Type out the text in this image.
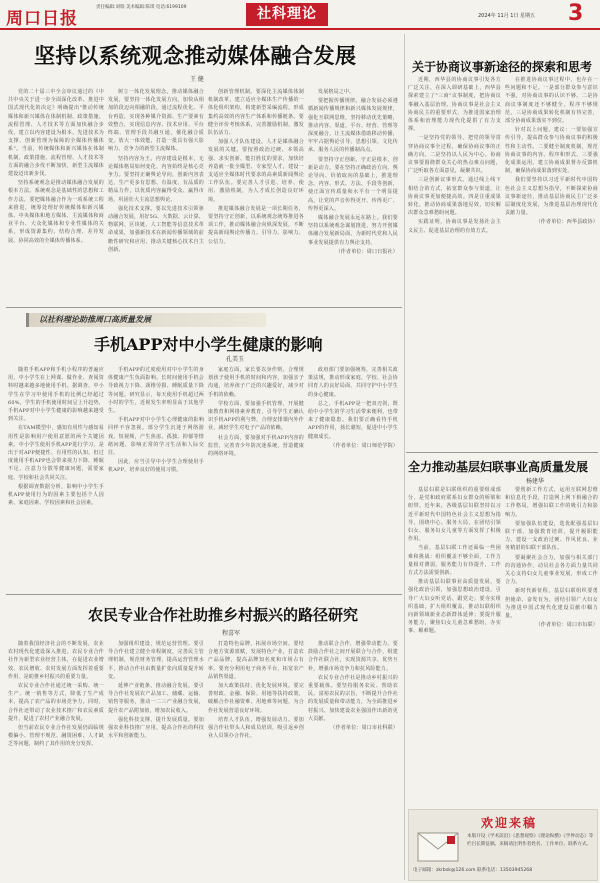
周口日报
责任编辑:刘瑞 美术编辑:陈琪 电话:6199109	社科理论	2024年 11月 1日 星期五 3
坚持以系统观念推动媒体融合发展
王 健

党的二十届三中全会审议通过的《中共中央关于进一步全面深化改革、推进中国式现代化的决定》明确提出"推动传统媒体和新兴媒体在体制机制、政策措施、流程管理、人才技术等方面加快融合步伐，建立以内容建设为根本、先进技术为支撑、创新管理为保障的全媒体传播体系"。当前，传统媒体和新兴媒体在体制机制、政策措施、流程管理、人才技术等方面的融合步伐不断加快，新型主流媒体建设迈出新步伐。

坚持系统观念是推动媒体融合发展的根本方法。系统观念是基础性的思想和工作方法，要把媒体融合作为一项系统工程来推进，统筹处理好传统媒体和新兴媒体、中央媒体和地方媒体、主流媒体和商业平台、大众化媒体和专业性媒体的关系，形成资源集约、结构合理、差异发展、协同高效的全媒体传播体系。

树立一体化发展理念。推动媒体融合发展，要坚持一体化发展方向，加快从相加阶段迈向相融阶段，通过流程优化、平台再造，实现各种媒介资源、生产要素有效整合，实现信息内容、技术应用、平台终端、管理手段共融互通，催化融合质变，放大一体效能，打造一批具有强大影响力、竞争力的新型主流媒体。

坚持内容为王。内容建设是根本，无论媒体格局如何变化，内容始终是核心竞争力。要坚持正确舆论导向，创新内容表达，生产更多有思想、有温度、有品质的精品力作，以优质内容赢得受众、赢得市场，巩固壮大主流思想舆论。

强化技术支撑。要以先进技术引领驱动融合发展，用好5G、大数据、云计算、物联网、区块链、人工智能等信息技术革命成果，加强新技术在新闻传播领域的前瞻性研究和应用，推动关键核心技术自主创新。

创新管理机制。要深化主流媒体体制机制改革，建立适应全媒体生产传播的一体化组织架构，构建新型采编流程，形成集约高效的内容生产体系和传播链条。要健全评价考核体系，完善激励机制，激发队伍活力。

加强人才队伍建设。人才是媒体融合发展的关键。要按照政治过硬、本领高强、求实创新、能打胜仗的要求，加快培养造就一批全媒型、专家型人才，建设一支适应全媒体时代要求的高素质新闻舆论工作队伍。要完善人才引进、培养、使用、激励机制，为人才成长创造良好环境。

推进媒体融合发展是一项长期任务，要坚持守正创新，以系统观念统筹推进各项工作，推动媒体融合向纵深发展，不断提高新闻舆论传播力、引导力、影响力、公信力。

发展格局之中。

要把握传播规律。融合发展必须遵循新闻传播规律和新兴媒体发展规律，强化互联网思维，坚持移动优先策略，推动内容、渠道、平台、经营、管理等深度融合，让主流媒体借助移动传播，牢牢占据舆论引导、思想引领、文化传承、服务人民的传播制高点。

要坚持守正创新。守正是根本，创新是动力。要在坚持正确政治方向、舆论导向、价值取向的基础上，推进理念、内容、形式、方法、手段等创新，使正面宣传质量和水平有一个明显提高，让党的声音传得更开、传得更广、传得更深入。

媒体融合发展永远在路上。我们要坚持以系统观念谋划推进，努力开创媒体融合发展新局面，为新时代党和人民事业发展提供有力舆论支持。

（作者单位：周口日报社）
以社科理论助推周口高质量发展
手机APP对中小学生健康的影响
孔美玉

随着手机APP和手机小程序的普遍应用，中小学生在上网课、做作业、查阅资料时越来越多地使用手机。据调查，中小学生在学习中使用手机的比例已经超过60%，学生的手机使用时间呈上升趋势，手机APP对中小学生健康的影响越来越受到关注。

在TAM模型中，感知有用性与感知易用性是影响用户使用意愿的两个关键因素。中小学生使用手机APP进行学习，是出于对APP便捷性、有用性的认知。但过度使用手机APP也会带来视力下降、睡眠不足、注意力分散等健康问题，需要家庭、学校和社会共同关注。

根据调查数据分析，影响中小学生手机APP使用行为的因素主要包括个人因素、家庭因素、学校因素和社会因素。

手机APP的过度使用对中小学生的身体健康产生负面影响。长时间使用手机会导致视力下降、颈椎劳损、睡眠质量下降等问题。研究显示，每天使用手机超过两小时的学生，近视发生率明显高于其他学生。

手机APP对中小学生心理健康的影响同样不容忽视。部分学生沉迷于网络游戏、短视频，产生焦虑、孤独、抑郁等情绪问题，影响正常的学习生活和人际交往。

因此，应当引导中小学生合理使用手机APP，培养良好的使用习惯。

家庭方面，家长要以身作则，合理规划孩子使用手机的时间和内容，加强亲子沟通，培养孩子广泛的兴趣爱好，减少对手机的依赖。

学校方面，要加强手机管理，开展健康教育和网络素养教育，引导学生正确认识手机APP的利与弊，合理安排课内外作业，减轻学生对电子产品的依赖。

社会方面，要加强对手机APP内容的监管，完善青少年防沉迷系统，营造健康的网络环境。

政府部门要加强统筹，完善相关政策法规，推动形成家庭、学校、社会协同育人的良好局面，共同守护中小学生的身心健康。

总之，手机APP是一把双刃剑，既给中小学生的学习生活带来便利，也带来了健康隐患。我们要正确看待手机APP的作用，扬长避短，促进中小学生健康成长。

（作者单位：周口师范学院）
农民专业合作社助推乡村振兴的路径研究
程喜军

随着我国经济社会的不断发展，农业农村现代化建设深入推进。农民专业合作社作为新型农业经营主体，在促进农业增效、农民增收、农村发展方面发挥着重要作用，是助推乡村振兴的重要力量。

农民专业合作社通过统一采购、统一生产、统一销售等方式，降低了生产成本，提高了农产品的市场竞争力。同时，合作社还带动了农业技术推广和农民素质提升，促进了农村产业融合发展。

但当前农民专业合作社发展仍面临规模偏小、管理不规范、融资困难、人才缺乏等问题，制约了其作用的充分发挥。

加强组织建设，规范运营管理。要引导合作社建立健全章程制度，完善民主管理机制，规范财务管理，提高运营管理水平，推动合作社由数量扩张向质量提升转变。

延伸产业链条，推动融合发展。要引导合作社发展农产品加工、储藏、运输、销售等服务，推动一二三产业融合发展，提升农产品附加值，增加农民收入。

强化科技支撑，提升发展质量。要加强农业科技推广应用，提高合作社的科技水平和创新能力。

打造特色品牌，拓展市场空间。要结合地方资源禀赋，发展特色产业，打造农产品品牌，提高品牌知名度和市场占有率。要充分利用电子商务平台，拓宽农产品销售渠道。

加大政策扶持，优化发展环境。要完善财政、金融、保险、用地等扶持政策，破解合作社融资难、用地难等问题，为合作社发展营造良好环境。

培育人才队伍，增强发展动力。要加强合作社带头人和成员培训，吸引返乡创业人员领办合作社。

推动联合合作，增强带动能力。要鼓励合作社之间开展联合与合作，组建合作社联合社，实现资源共享、优势互补，增强市场竞争力和抗风险能力。

农民专业合作社是推动乡村振兴的重要载体。要坚持服务农民、帮助农民、富裕农民的宗旨，不断提升合作社的发展质量和带动能力，为全面推进乡村振兴、加快建设农业强国作出新的更大贡献。

（作者单位：周口市社科联）
关于协商议事新途径的探索和思考

近期，西华县的协商议事引发各方广泛关注，在深入调研基础上，西华县探索建立了"三商"议事制度，把协商议事融入基层治理。协商议事是社会主义协商民主的重要形式，为推进国家治理体系和治理能力现代化提供了有力支撑。

一是坚持党的领导。把党的领导贯穿协商议事全过程，确保协商议事的正确方向。二是坚持以人民为中心。协商议事要围绕群众关心的热点难点问题，广泛听取各方面意见，凝聚共识。

三是创新议事形式。通过线上线下相结合的方式，拓宽群众参与渠道，让协商议事更加便捷高效。四是注重成果转化，推动协商成果落地见效，切实解决群众急难愁盼问题。

实践证明，协商议事是发扬社会主义民主、促进基层治理的有效方式。

在推进协商议事过程中，也存在一些问题和不足。一是部分群众参与意识不强，对协商议事的认识不够。二是协商议事制度还不够健全，程序不够规范。三是协商成果转化机制有待完善，部分协商成果落实不到位。

针对以上问题，建议：一要加强宣传引导，提高群众参与协商议事的积极性和主动性。二要健全制度机制，规范协商议事的内容、程序和形式。三要强化成果运用，建立协商成果督办反馈机制，确保协商成果落到实处。

我们要坚持以习近平新时代中国特色社会主义思想为指导，不断探索协商议事新途径，推动基层协商民主广泛多层制度化发展，为推进基层治理现代化贡献力量。

（作者单位：西华县政协）
全力推动基层妇联事业高质量发展
杨建华

基层妇联是妇联组织的重要组成部分，是党和政府联系妇女群众的桥梁和纽带。近年来，各级基层妇联坚持以习近平新时代中国特色社会主义思想为指导，围绕中心、服务大局，在团结引领妇女、服务妇女儿童等方面发挥了积极作用。

当前，基层妇联工作还面临一些困难和挑战：组织覆盖不够全面，工作力量相对薄弱，服务能力有待提升，工作方式方法需要创新。

推动基层妇联事业高质量发展，要强化政治引领，加强思想政治建设，引导广大妇女听党话、跟党走；要夯实组织基础，扩大组织覆盖，推动妇联组织向新领域新业态新群体延伸；要提升服务能力，聚焦妇女儿童急难愁盼，办实事、解难题。

要创新工作方式，运用互联网思维和信息化手段，打造网上网下相融合的工作格局，增强妇联工作的吸引力和影响力。

要加强队伍建设，选优配强基层妇联干部，加强教育培训，提升履职能力，建设一支政治过硬、作风优良、业务精湛的妇联干部队伍。

要凝聚社会合力，加强与相关部门的沟通协作，动员社会各方面力量共同关心支持妇女儿童事业发展，形成工作合力。

新时代新征程，基层妇联组织要勇担使命、奋发有为，团结引领广大妇女为推进中国式现代化建设贡献巾帼力量。

（作者单位：周口市妇联）
欢迎来稿
本版开设《学术前沿》《思想观察》《理论纵横》《学界动态》等栏目长期征稿。来稿请注明作者姓名、工作单位、联系方式。
电子邮箱：zkrbsk@126.com 联系电话：13503945268
